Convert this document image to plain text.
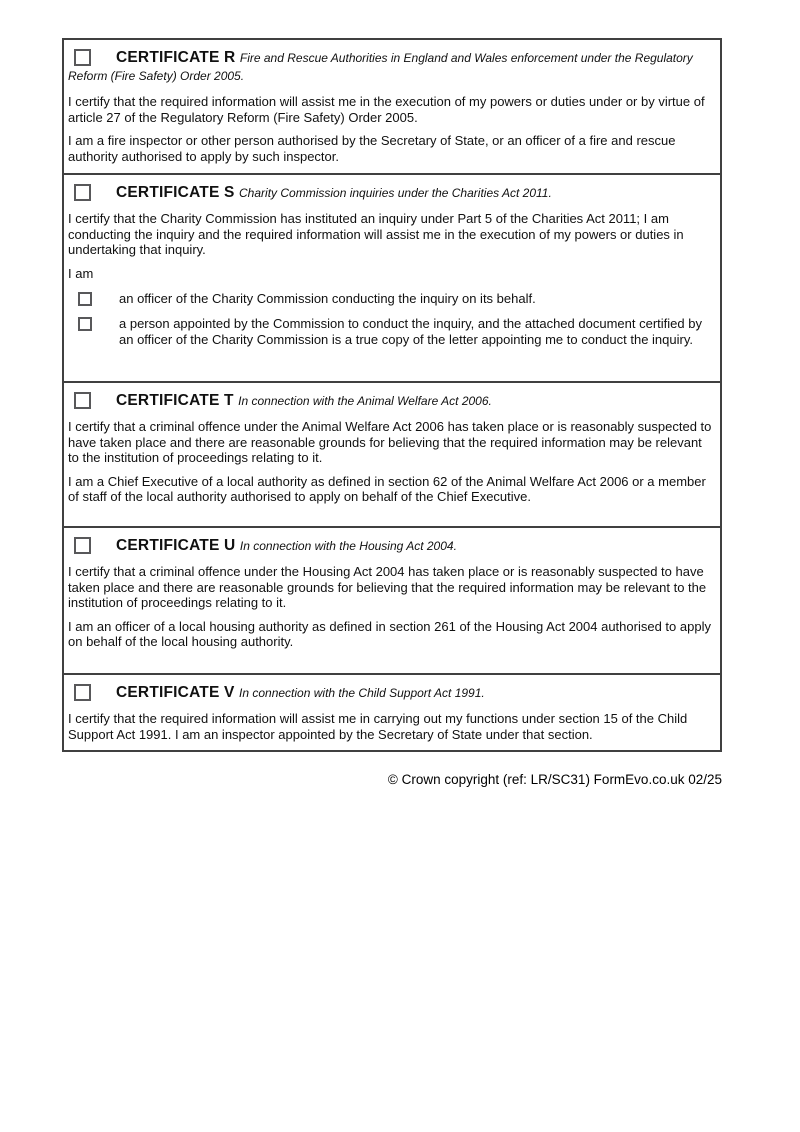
CERTIFICATE R Fire and Rescue Authorities in England and Wales enforcement under the Regulatory Reform (Fire Safety) Order 2005.

I certify that the required information will assist me in the execution of my powers or duties under or by virtue of article 27 of the Regulatory Reform (Fire Safety) Order 2005.

I am a fire inspector or other person authorised by the Secretary of State, or an officer of a fire and rescue authority authorised to apply by such inspector.

CERTIFICATE S Charity Commission inquiries under the Charities Act 2011.

I certify that the Charity Commission has instituted an inquiry under Part 5 of the Charities Act 2011; I am conducting the inquiry and the required information will assist me in the execution of my powers or duties in undertaking that inquiry.

I am

an officer of the Charity Commission conducting the inquiry on its behalf.
a person appointed by the Commission to conduct the inquiry, and the attached document certified by an officer of the Charity Commission is a true copy of the letter appointing me to conduct the inquiry.
CERTIFICATE T In connection with the Animal Welfare Act 2006.

I certify that a criminal offence under the Animal Welfare Act 2006 has taken place or is reasonably suspected to have taken place and there are reasonable grounds for believing that the required information may be relevant to the institution of proceedings relating to it.

I am a Chief Executive of a local authority as defined in section 62 of the Animal Welfare Act 2006 or a member of staff of the local authority authorised to apply on behalf of the Chief Executive.

CERTIFICATE U In connection with the Housing Act 2004.

I certify that a criminal offence under the Housing Act 2004 has taken place or is reasonably suspected to have taken place and there are reasonable grounds for believing that the required information may be relevant to the institution of proceedings relating to it.

I am an officer of a local housing authority as defined in section 261 of the Housing Act 2004 authorised to apply on behalf of the local housing authority.

CERTIFICATE V In connection with the Child Support Act 1991.

I certify that the required information will assist me in carrying out my functions under section 15 of the Child Support Act 1991. I am an inspector appointed by the Secretary of State under that section.

© Crown copyright (ref: LR/SC31) FormEvo.co.uk 02/25
